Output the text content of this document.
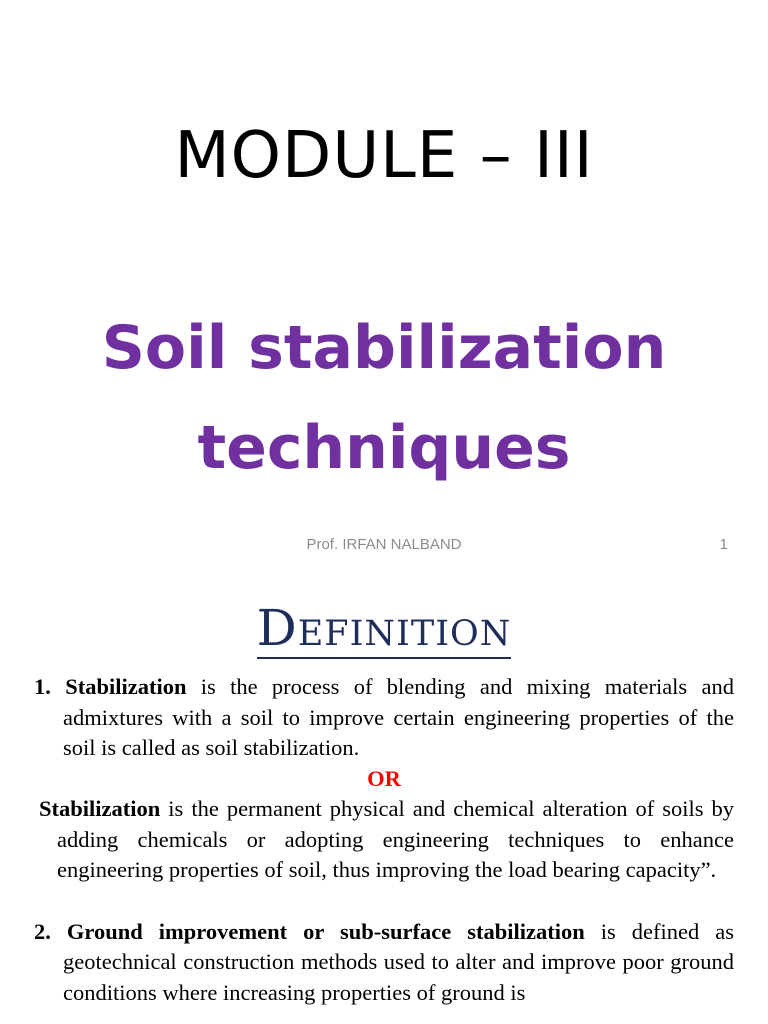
MODULE – III
Soil stabilization
techniques
Prof. IRFAN NALBAND	1
Definition

1. Stabilization is the process of blending and mixing materials and admixtures with a soil to improve certain engineering properties of the soil is called as soil stabilization.

OR

Stabilization is the permanent physical and chemical alteration of soils by adding chemicals or adopting engineering techniques to enhance engineering properties of soil, thus improving the load bearing capacity”.

2. Ground improvement or sub-surface stabilization is defined as geotechnical construction methods used to alter and improve poor ground conditions where increasing properties of ground is
